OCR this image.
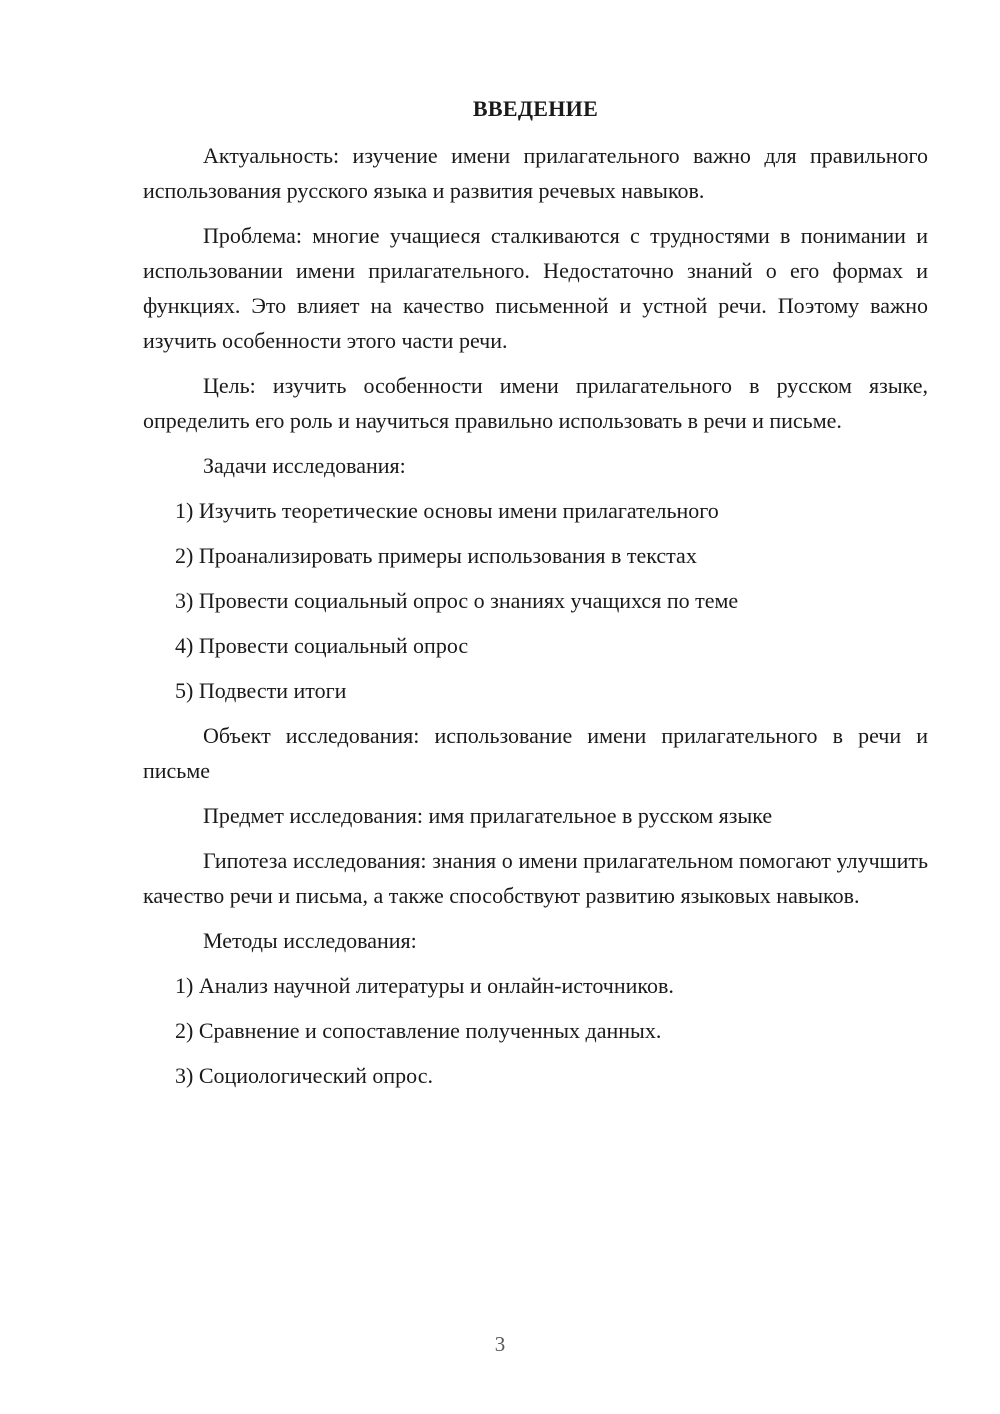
ВВЕДЕНИЕ

Актуальность: изучение имени прилагательного важно для правильного использования русского языка и развития речевых навыков.

Проблема: многие учащиеся сталкиваются с трудностями в понимании и использовании имени прилагательного. Недостаточно знаний о его формах и функциях. Это влияет на качество письменной и устной речи. Поэтому важно изучить особенности этого части речи.

Цель: изучить особенности имени прилагательного в русском языке, определить его роль и научиться правильно использовать в речи и письме.

Задачи исследования:

1) Изучить теоретические основы имени прилагательного
2) Проанализировать примеры использования в текстах
3) Провести социальный опрос о знаниях учащихся по теме
4) Провести социальный опрос
5) Подвести итоги

Объект исследования: использование имени прилагательного в речи и письме

Предмет исследования: имя прилагательное в русском языке

Гипотеза исследования: знания о имени прилагательном помогают улучшить качество речи и письма, а также способствуют развитию языковых навыков.

Методы исследования:

1) Анализ научной литературы и онлайн-источников.
2) Сравнение и сопоставление полученных данных.
3) Социологический опрос.
3
